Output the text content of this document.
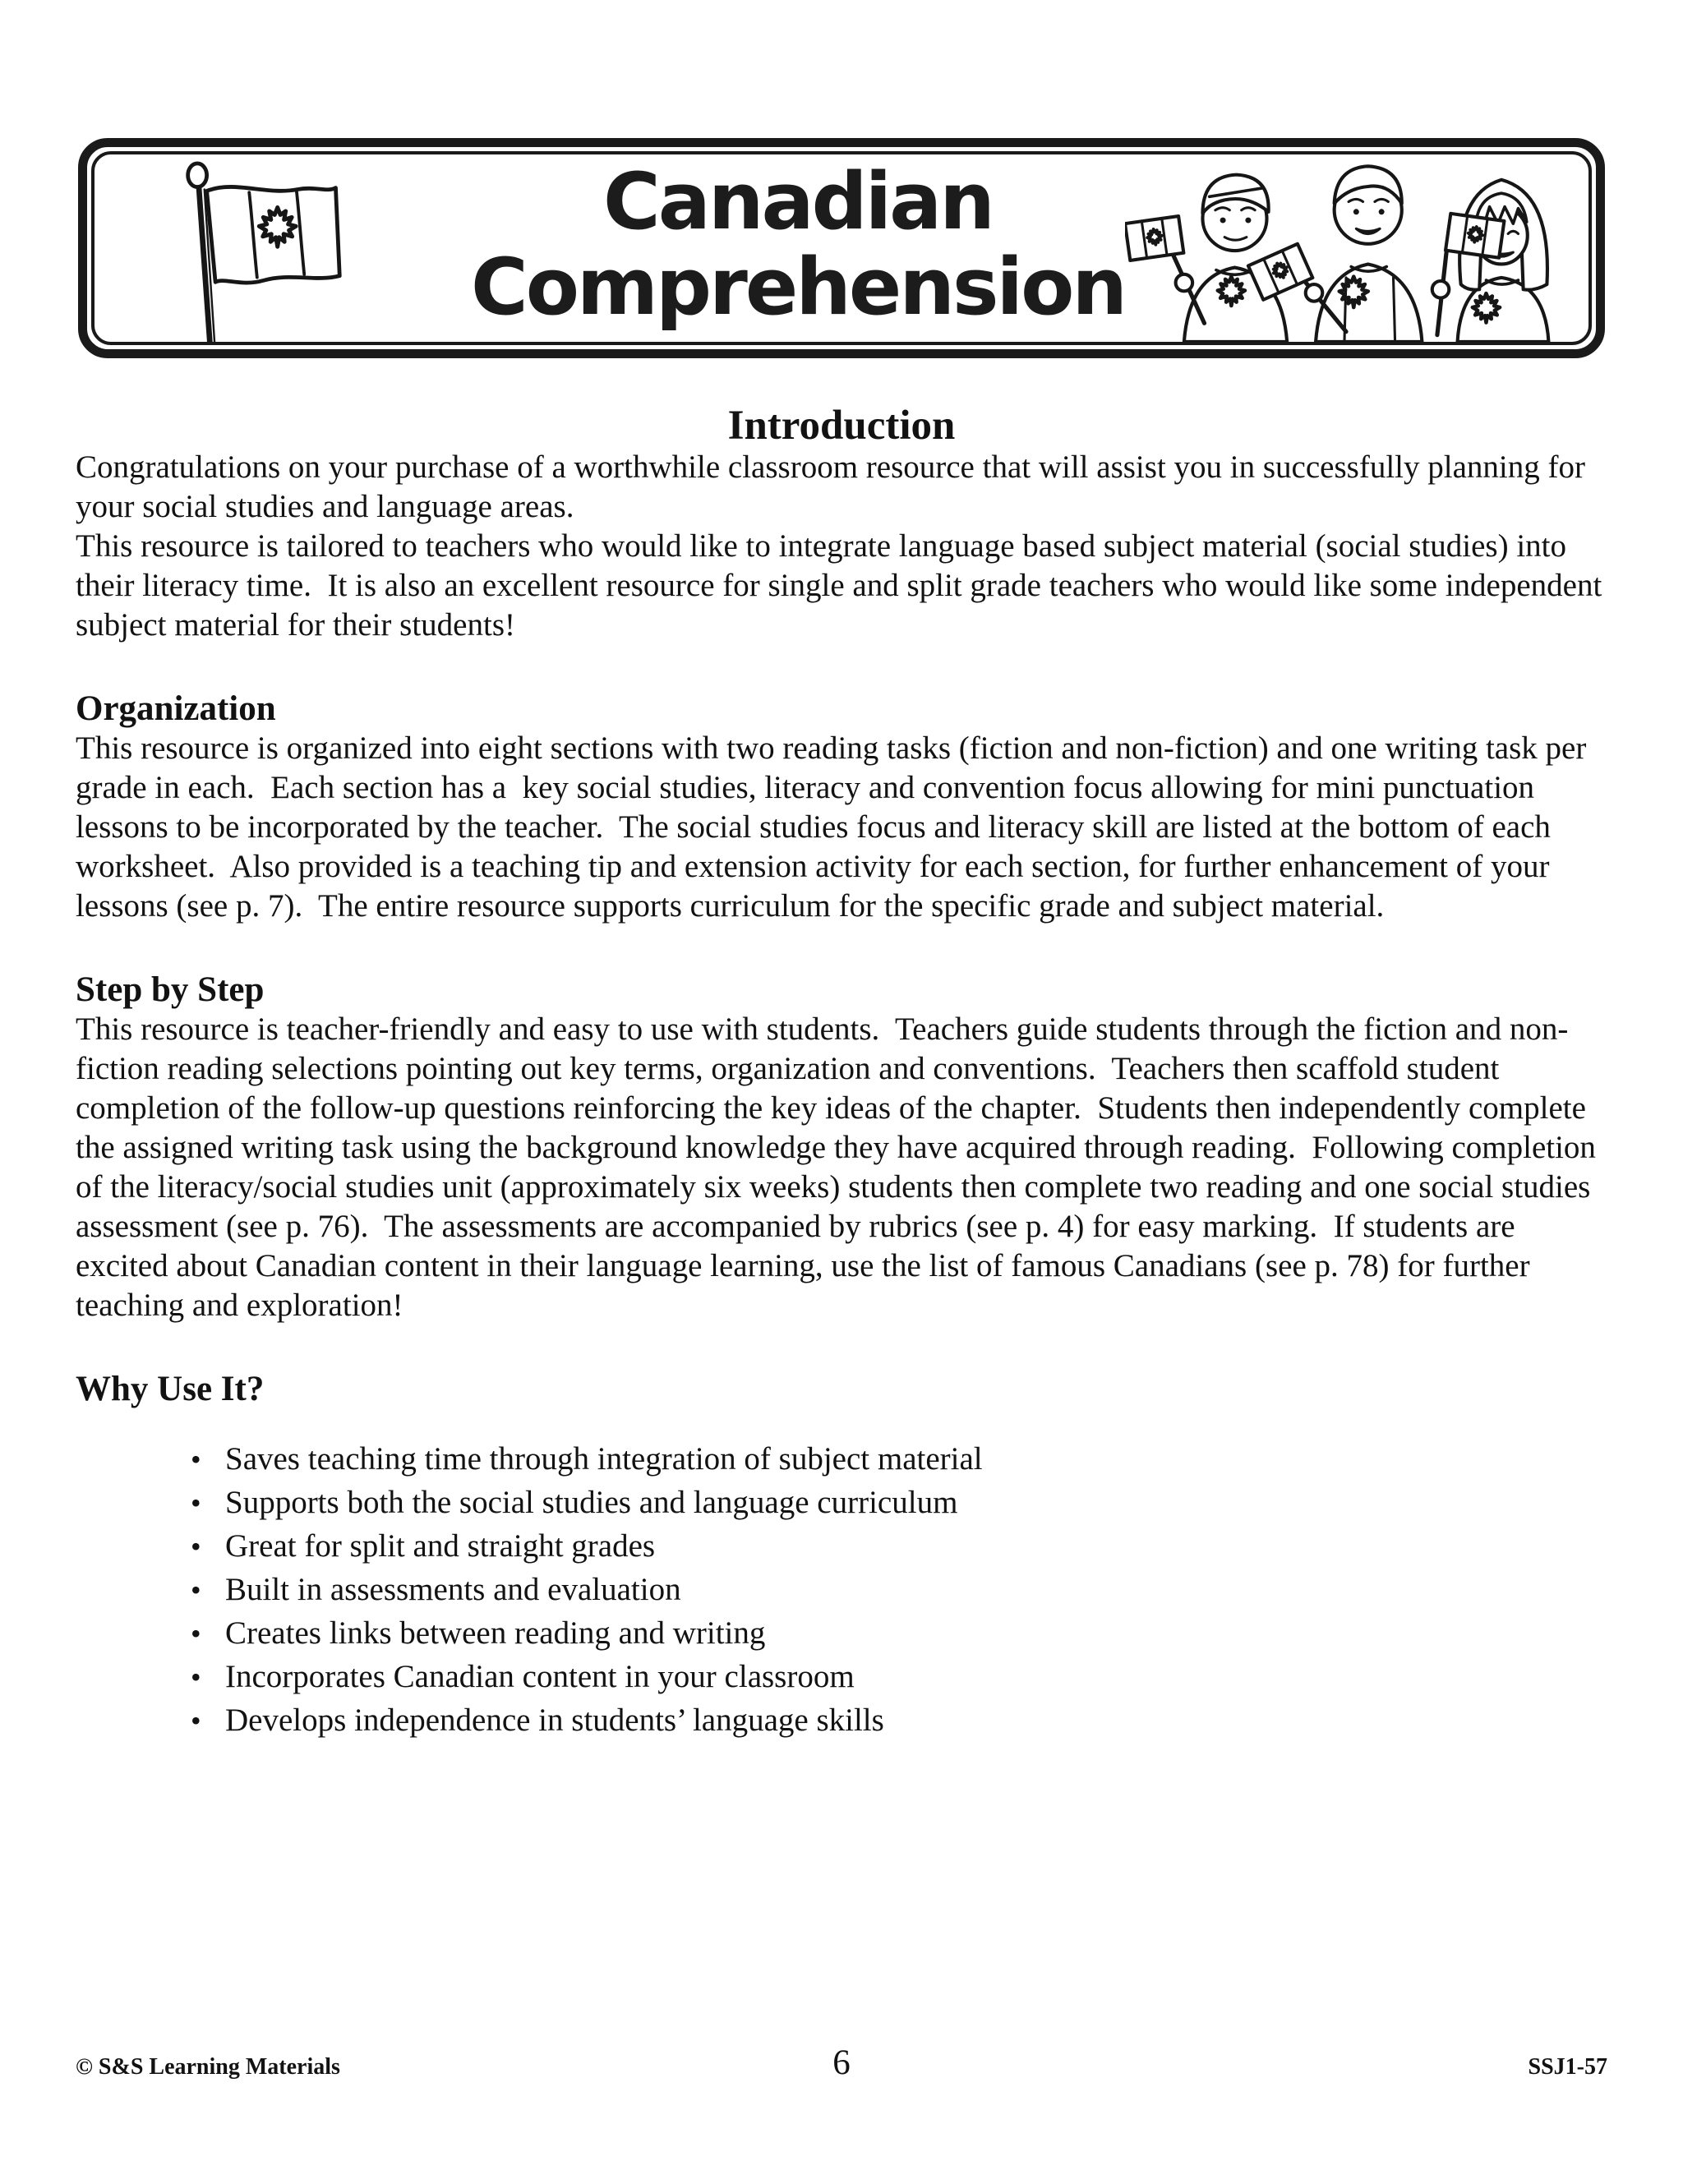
Canadian
Comprehension
Introduction

Congratulations on your purchase of a worthwhile classroom resource that will assist you in successfully planning for your social studies and language areas.

This resource is tailored to teachers who would like to integrate language based subject material (social studies) into their literacy time.  It is also an excellent resource for single and split grade teachers who would like some independent subject material for their students!

Organization

This resource is organized into eight sections with two reading tasks (fiction and non-fiction) and one writing task per grade in each.  Each section has a  key social studies, literacy and convention focus allowing for mini punctuation lessons to be incorporated by the teacher.  The social studies focus and literacy skill are listed at the bottom of each worksheet.  Also provided is a teaching tip and extension activity for each section, for further enhancement of your lessons (see p. 7).  The entire resource supports curriculum for the specific grade and subject material.

Step by Step

This resource is teacher-friendly and easy to use with students.  Teachers guide students through the fiction and non-fiction reading selections pointing out key terms, organization and conventions.  Teachers then scaffold student completion of the follow-up questions reinforcing the key ideas of the chapter.  Students then independently complete the assigned writing task using the background knowledge they have acquired through reading.  Following completion of the literacy/social studies unit (approximately six weeks) students then complete two reading and one social studies assessment (see p. 76).  The assessments are accompanied by rubrics (see p. 4) for easy marking.  If students are excited about Canadian content in their language learning, use the list of famous Canadians (see p. 78) for further teaching and exploration!

Why Use It?
• Saves teaching time through integration of subject material
• Supports both the social studies and language curriculum
• Great for split and straight grades
• Built in assessments and evaluation
• Creates links between reading and writing
• Incorporates Canadian content in your classroom
• Develops independence in students’ language skills
© S&S Learning Materials	6	SSJ1-57
